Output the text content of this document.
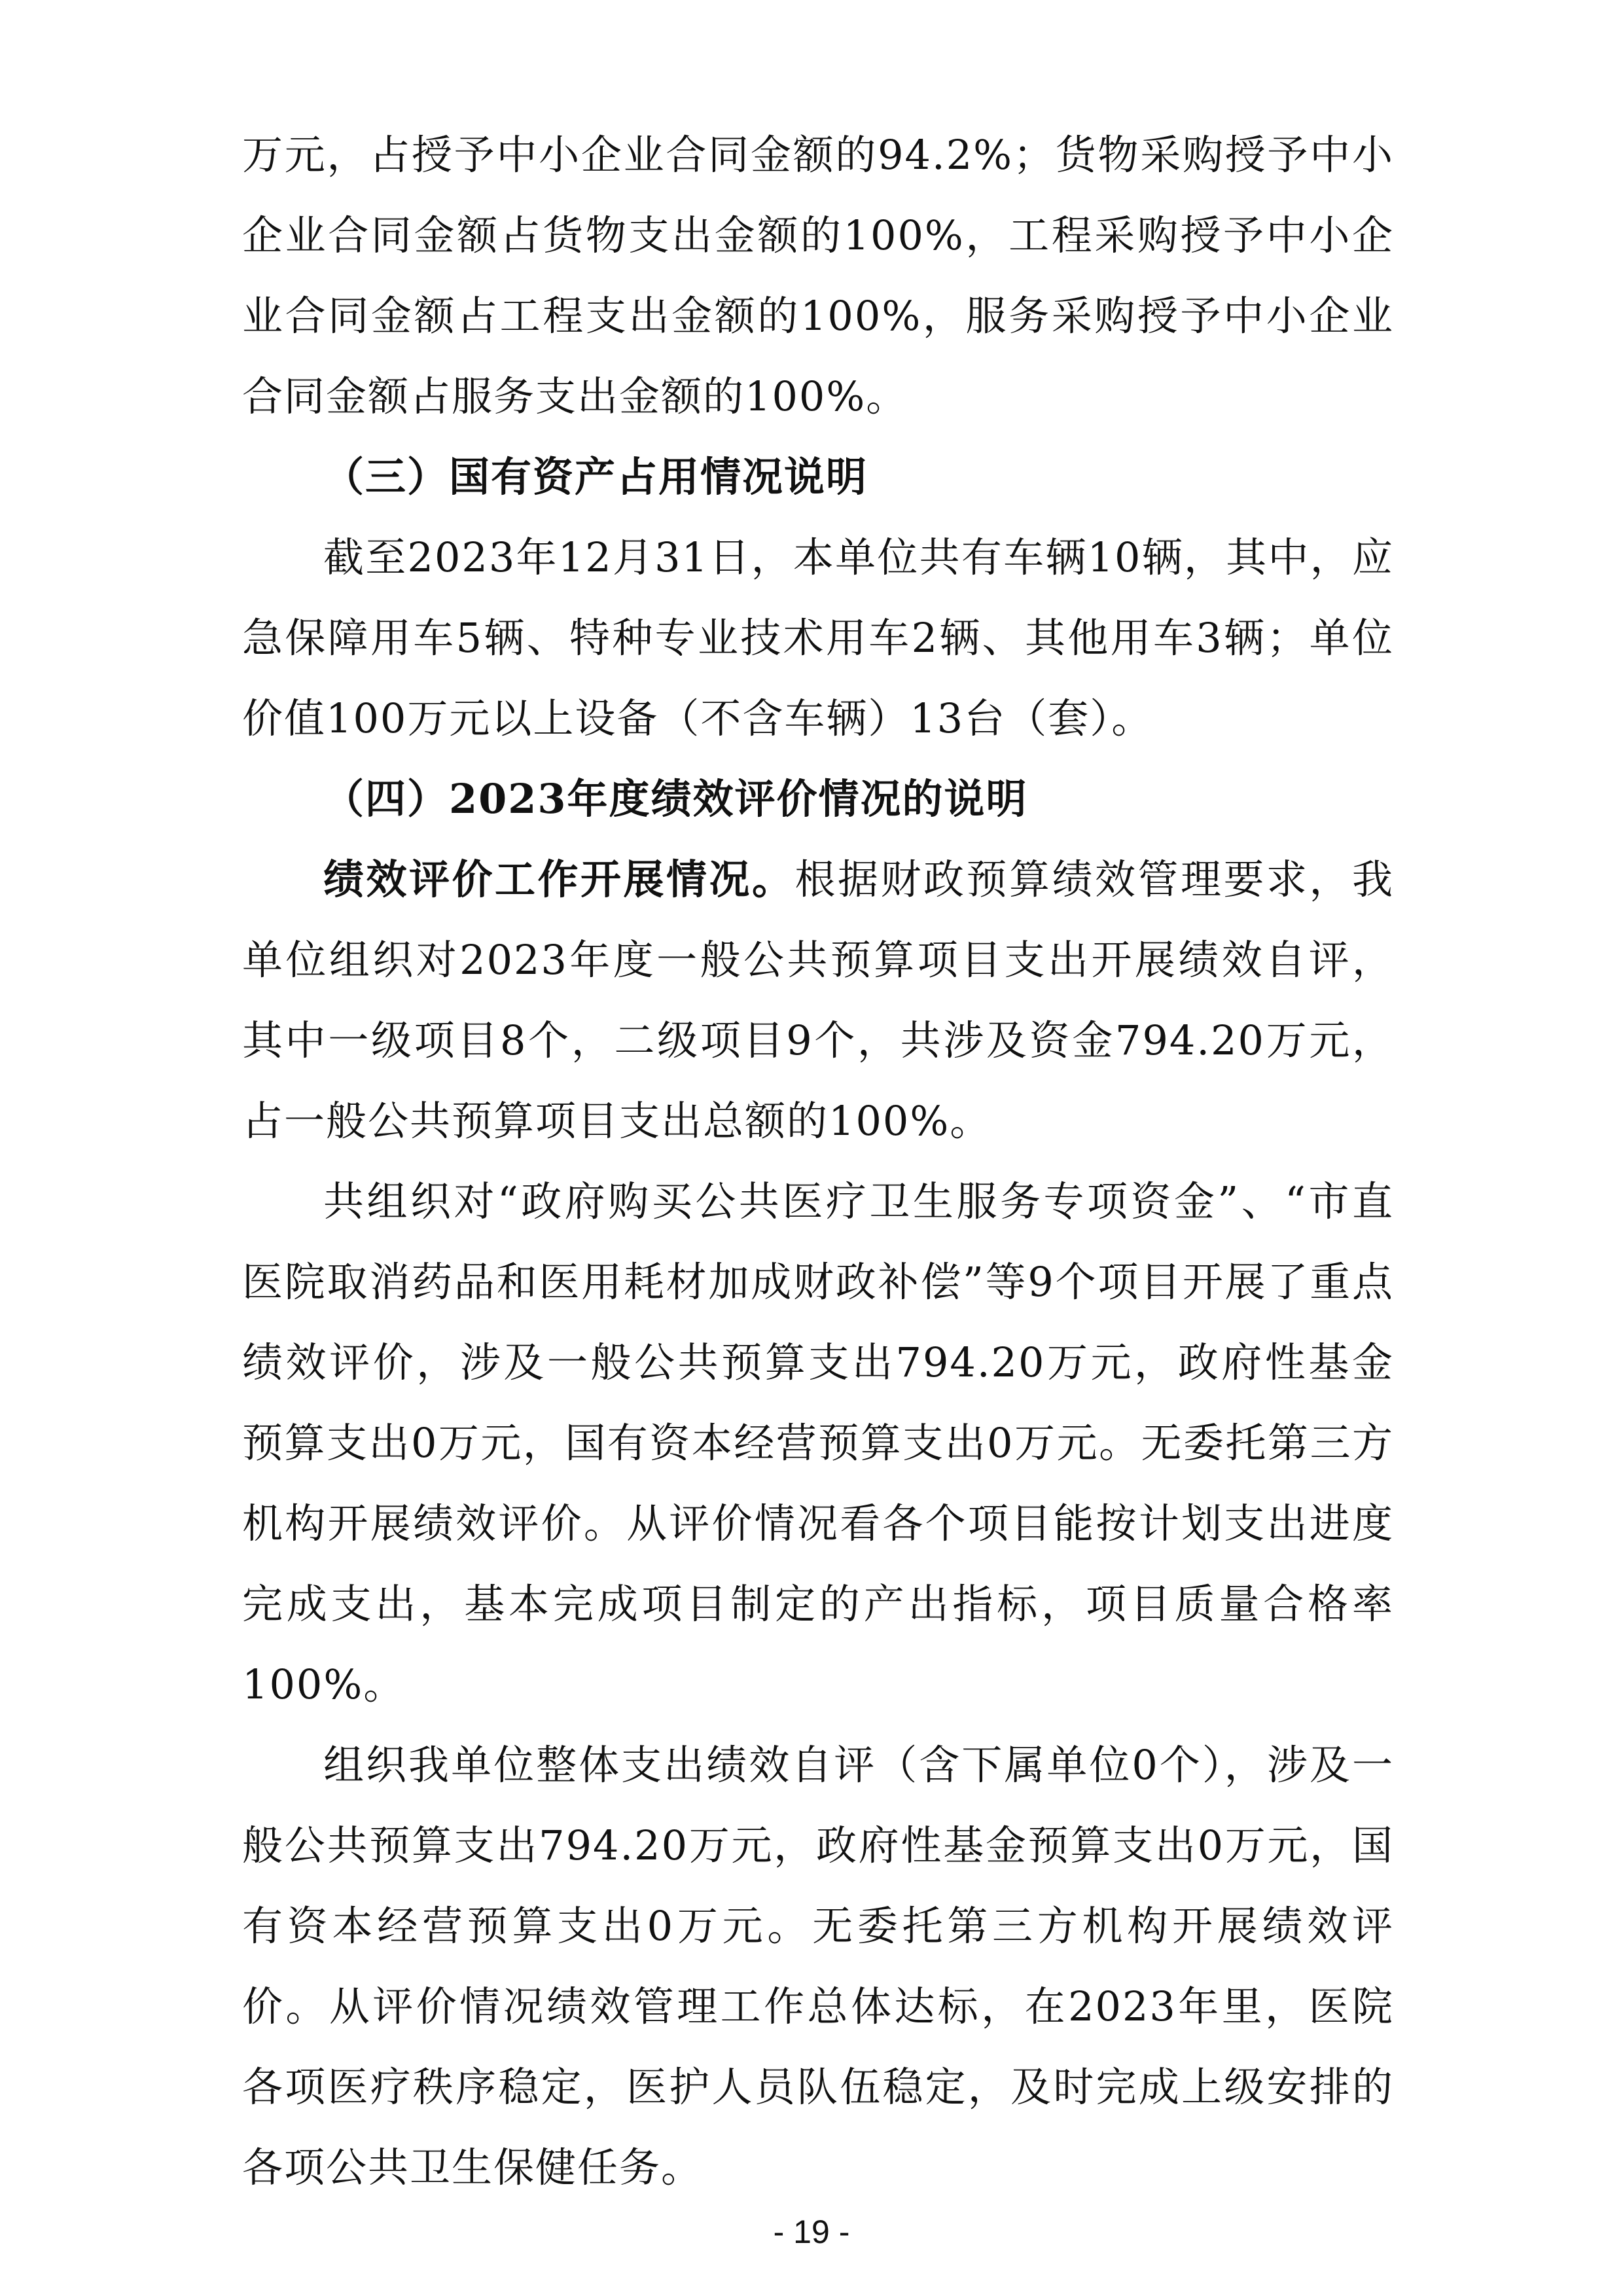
万元，占授予中小企业合同金额的94.2%；货物采购授予中小企业合同金额占货物支出金额的100%，工程采购授予中小企业合同金额占工程支出金额的100%，服务采购授予中小企业合同金额占服务支出金额的100%。

（三）国有资产占用情况说明

截至2023年12月31日，本单位共有车辆10辆，其中，应急保障用车5辆、特种专业技术用车2辆、其他用车3辆；单位价值100万元以上设备（不含车辆）13台（套）。

（四）2023年度绩效评价情况的说明

绩效评价工作开展情况。根据财政预算绩效管理要求，我单位组织对2023年度一般公共预算项目支出开展绩效自评，其中一级项目8个，二级项目9个，共涉及资金794.20万元，占一般公共预算项目支出总额的100%。

共组织对“政府购买公共医疗卫生服务专项资金”、“市直医院取消药品和医用耗材加成财政补偿”等9个项目开展了重点绩效评价，涉及一般公共预算支出794.20万元，政府性基金预算支出0万元，国有资本经营预算支出0万元。无委托第三方机构开展绩效评价。从评价情况看各个项目能按计划支出进度完成支出，基本完成项目制定的产出指标，项目质量合格率100%。

组织我单位整体支出绩效自评（含下属单位0个），涉及一般公共预算支出794.20万元，政府性基金预算支出0万元，国有资本经营预算支出0万元。无委托第三方机构开展绩效评价。从评价情况绩效管理工作总体达标，在2023年里，医院各项医疗秩序稳定，医护人员队伍稳定，及时完成上级安排的各项公共卫生保健任务。

- 19 -
